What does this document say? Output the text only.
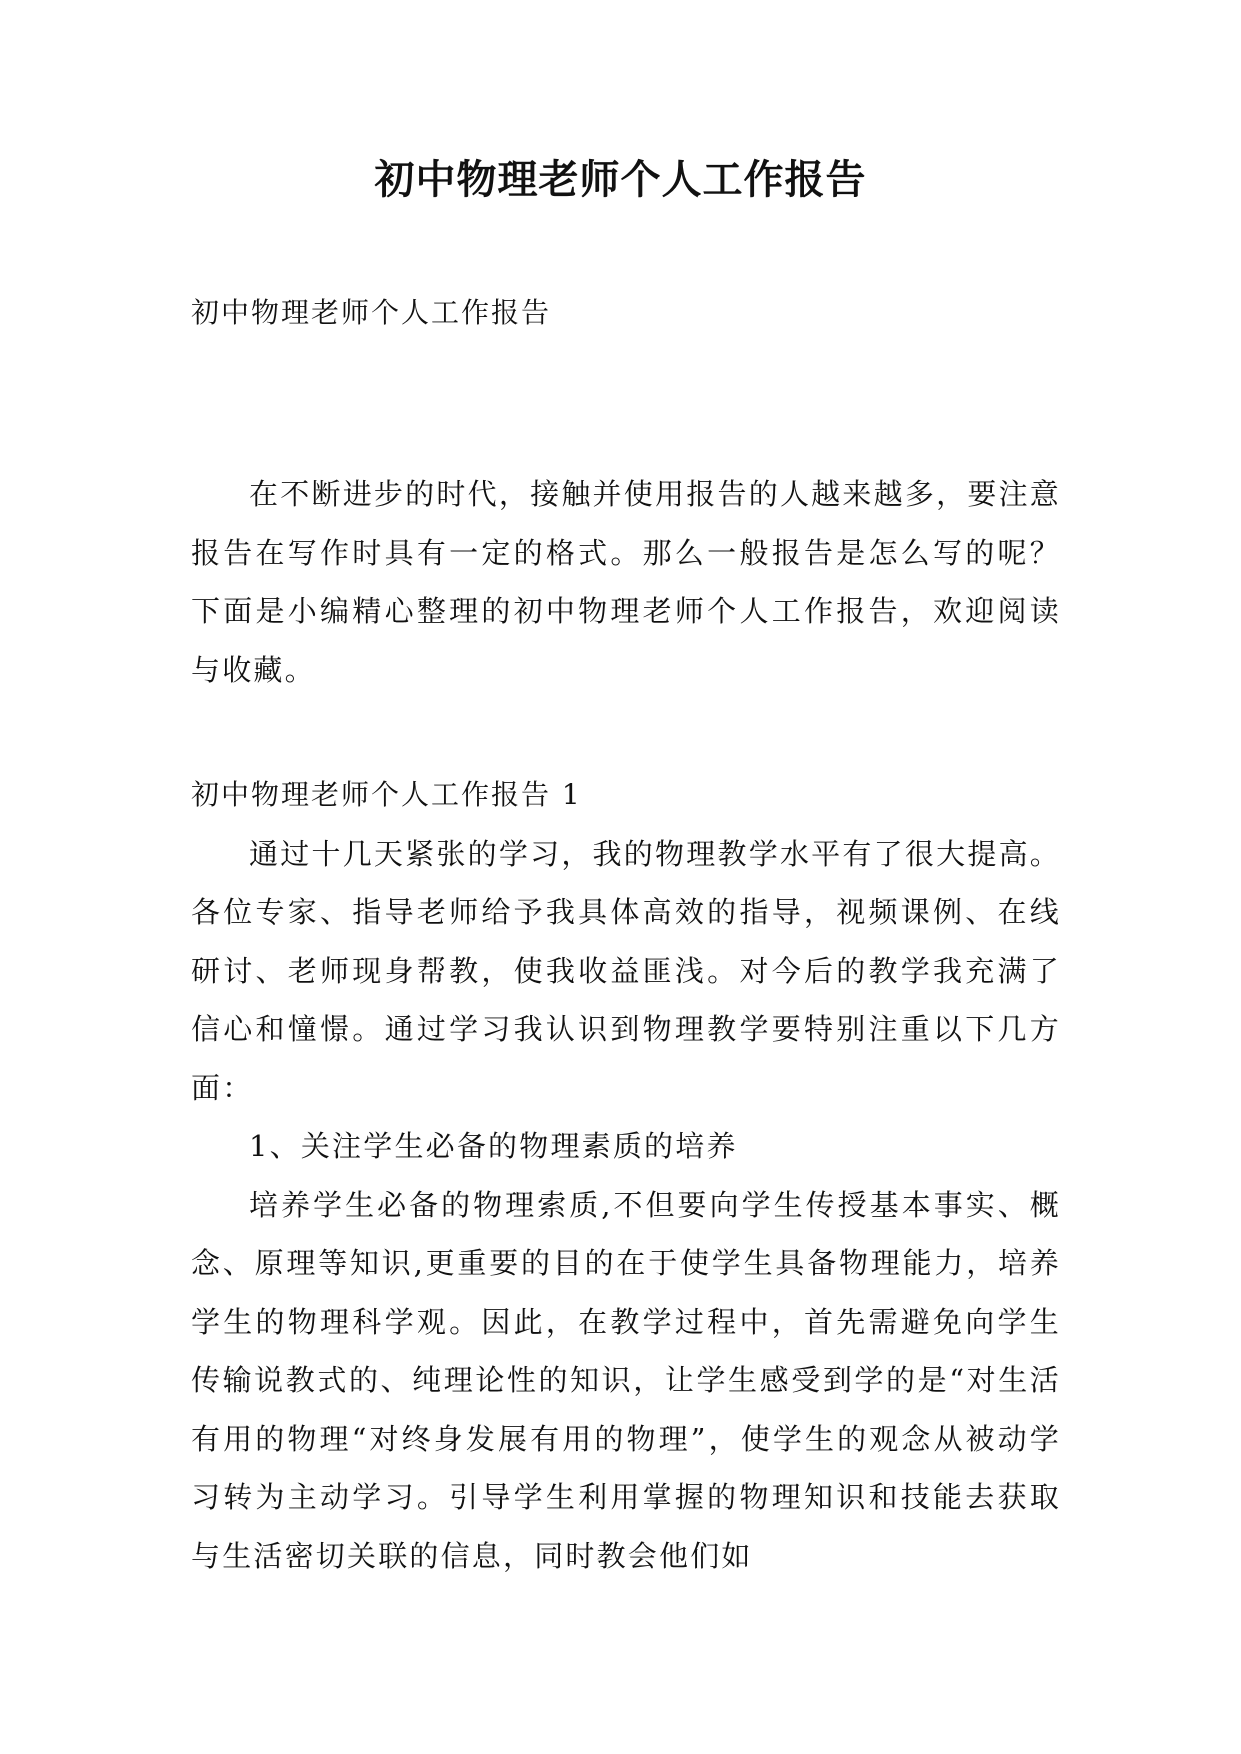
初中物理老师个人工作报告

初中物理老师个人工作报告

在不断进步的时代，接触并使用报告的人越来越多，要注意报告在写作时具有一定的格式。那么一般报告是怎么写的呢？下面是小编精心整理的初中物理老师个人工作报告，欢迎阅读与收藏。

初中物理老师个人工作报告 1

通过十几天紧张的学习，我的物理教学水平有了很大提高。各位专家、指导老师给予我具体高效的指导，视频课例、在线研讨、老师现身帮教，使我收益匪浅。对今后的教学我充满了信心和憧憬。通过学习我认识到物理教学要特别注重以下几方面：

1、关注学生必备的物理素质的培养

培养学生必备的物理索质,不但要向学生传授基本事实、概念、原理等知识,更重要的目的在于使学生具备物理能力，培养学生的物理科学观。因此，在教学过程中，首先需避免向学生传输说教式的、纯理论性的知识，让学生感受到学的是“对生活有用的物理“对终身发展有用的物理”，使学生的观念从被动学习转为主动学习。引导学生利用掌握的物理知识和技能去获取与生活密切关联的信息，同时教会他们如
